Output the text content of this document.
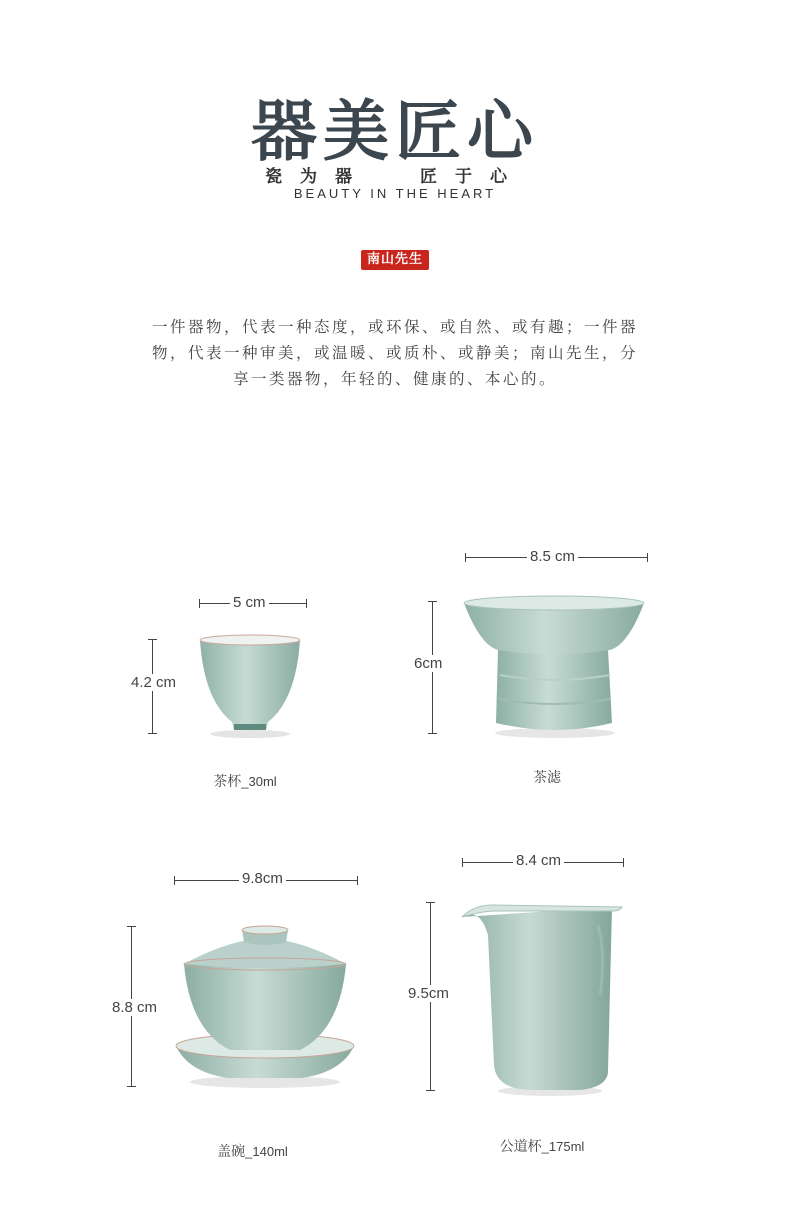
器美匠心
瓷为器	匠于心
BEAUTY IN THE HEART
南山先生
一件器物，代表一种态度，或环保、或自然、或有趣；一件器
物，代表一种审美，或温暖、或质朴、或静美；南山先生，分
享一类器物，年轻的、健康的、本心的。
5 cm
4.2 cm
茶杯_30ml
8.5 cm
6cm
茶滤
9.8cm
8.8 cm
盖碗_140ml
8.4 cm
9.5cm
公道杯_175ml
